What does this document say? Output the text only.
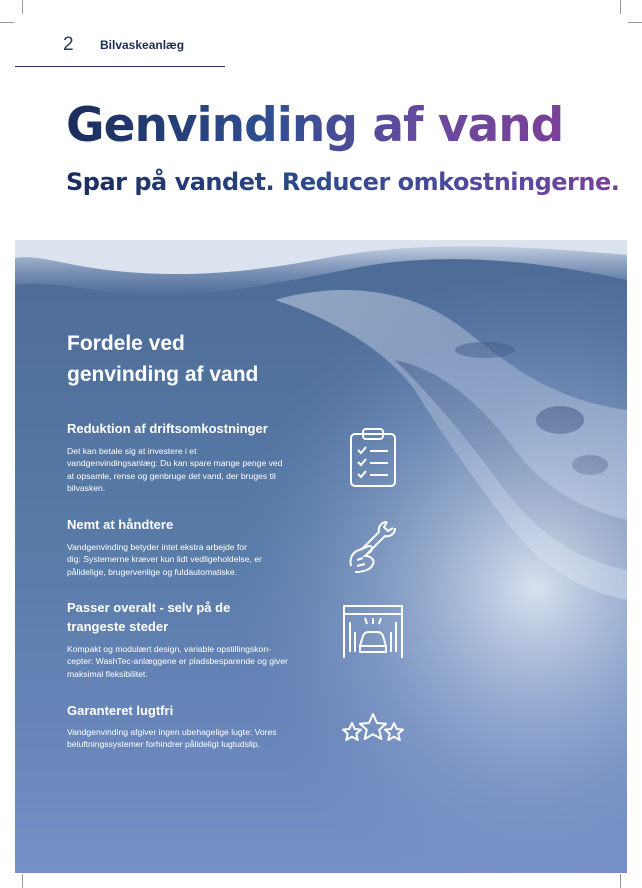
2 Bilvaskeanlæg
Genvinding af vand
Spar på vandet. Reducer omkostningerne.
Fordele ved
genvinding af vand
Reduktion af driftsomkostninger

Det kan betale sig at investere i et
vandgenvindingsanlæg: Du kan spare mange penge ved
at opsamle, rense og genbruge det vand, der bruges til
bilvasken.

Nemt at håndtere

Vandgenvinding betyder intet ekstra arbejde for
dig: Systemerne kræver kun lidt vedligeholdelse, er
pålidelige, brugervenlige og fuldautomatiske.

Passer overalt - selv på de
trangeste steder

Kompakt og modulært design, variable opstillingskon-
cepter: WashTec-anlæggene er pladsbesparende og giver
maksimal fleksibilitet.

Garanteret lugtfri

Vandgenvinding afgiver ingen ubehagelige lugte: Vores
beluftningssystemer forhindrer pålideligt lugtudslip.
